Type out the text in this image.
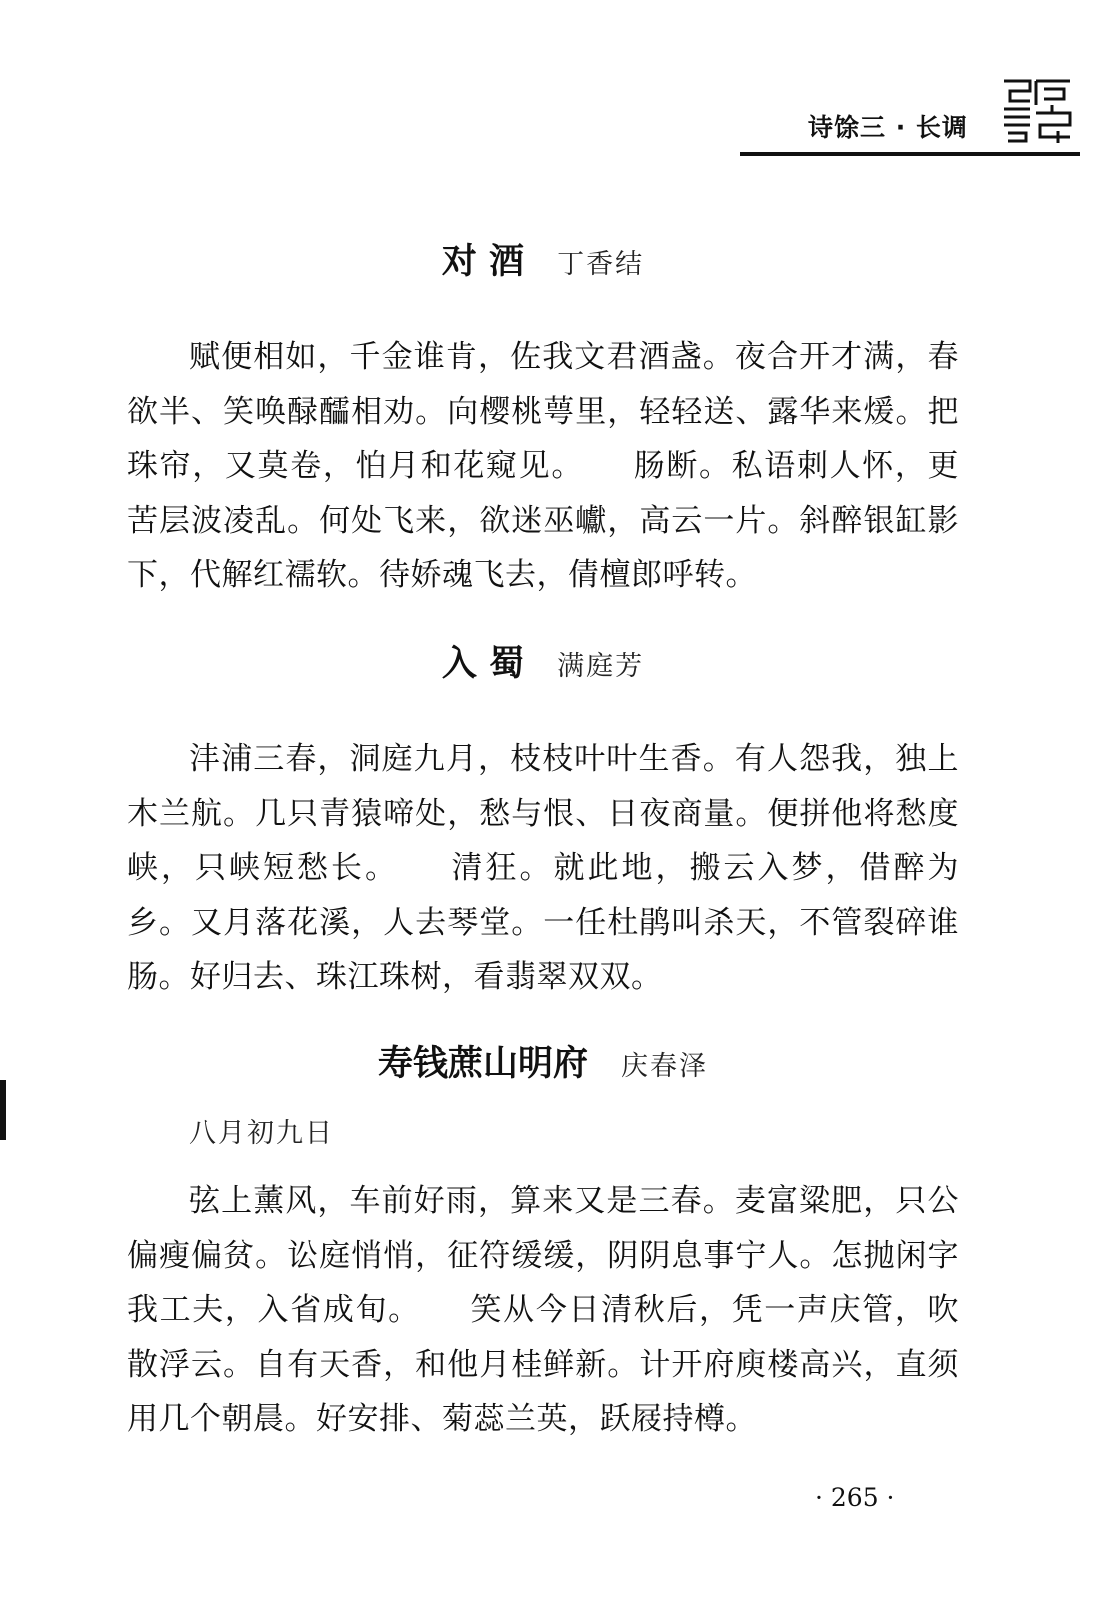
诗馀三 · 长调
对 酒 丁香结

赋便相如，千金谁肯，佐我文君酒盏。夜合开才满，春欲半、笑唤醁醽相劝。向樱桃萼里，轻轻送、露华来煖。把珠帘，又莫卷，怕月和花窥见。　　肠断。私语刺人怀，更苦层波凌乱。何处飞来，欲迷巫巘，高云一片。斜醉银缸影下，代解红襦软。待娇魂飞去，倩檀郎呼转。

入 蜀 满庭芳

沣浦三春，洞庭九月，枝枝叶叶生香。有人怨我，独上木兰航。几只青猿啼处，愁与恨、日夜商量。便拼他将愁度峡，只峡短愁长。　　清狂。就此地，搬云入梦，借醉为乡。又月落花溪，人去琴堂。一任杜鹃叫杀天，不管裂碎谁肠。好归去、珠江珠树，看翡翠双双。

寿钱蔗山明府 庆春泽
八月初九日

弦上薰风，车前好雨，算来又是三春。麦富粱肥，只公偏瘦偏贫。讼庭悄悄，征符缓缓，阴阴息事宁人。怎抛闲字我工夫，入省成旬。　　笑从今日清秋后，凭一声庆管，吹散浮云。自有天香，和他月桂鲜新。计开府庾楼高兴，直须用几个朝晨。好安排、菊蕊兰英，跃屐持樽。

· 265 ·
